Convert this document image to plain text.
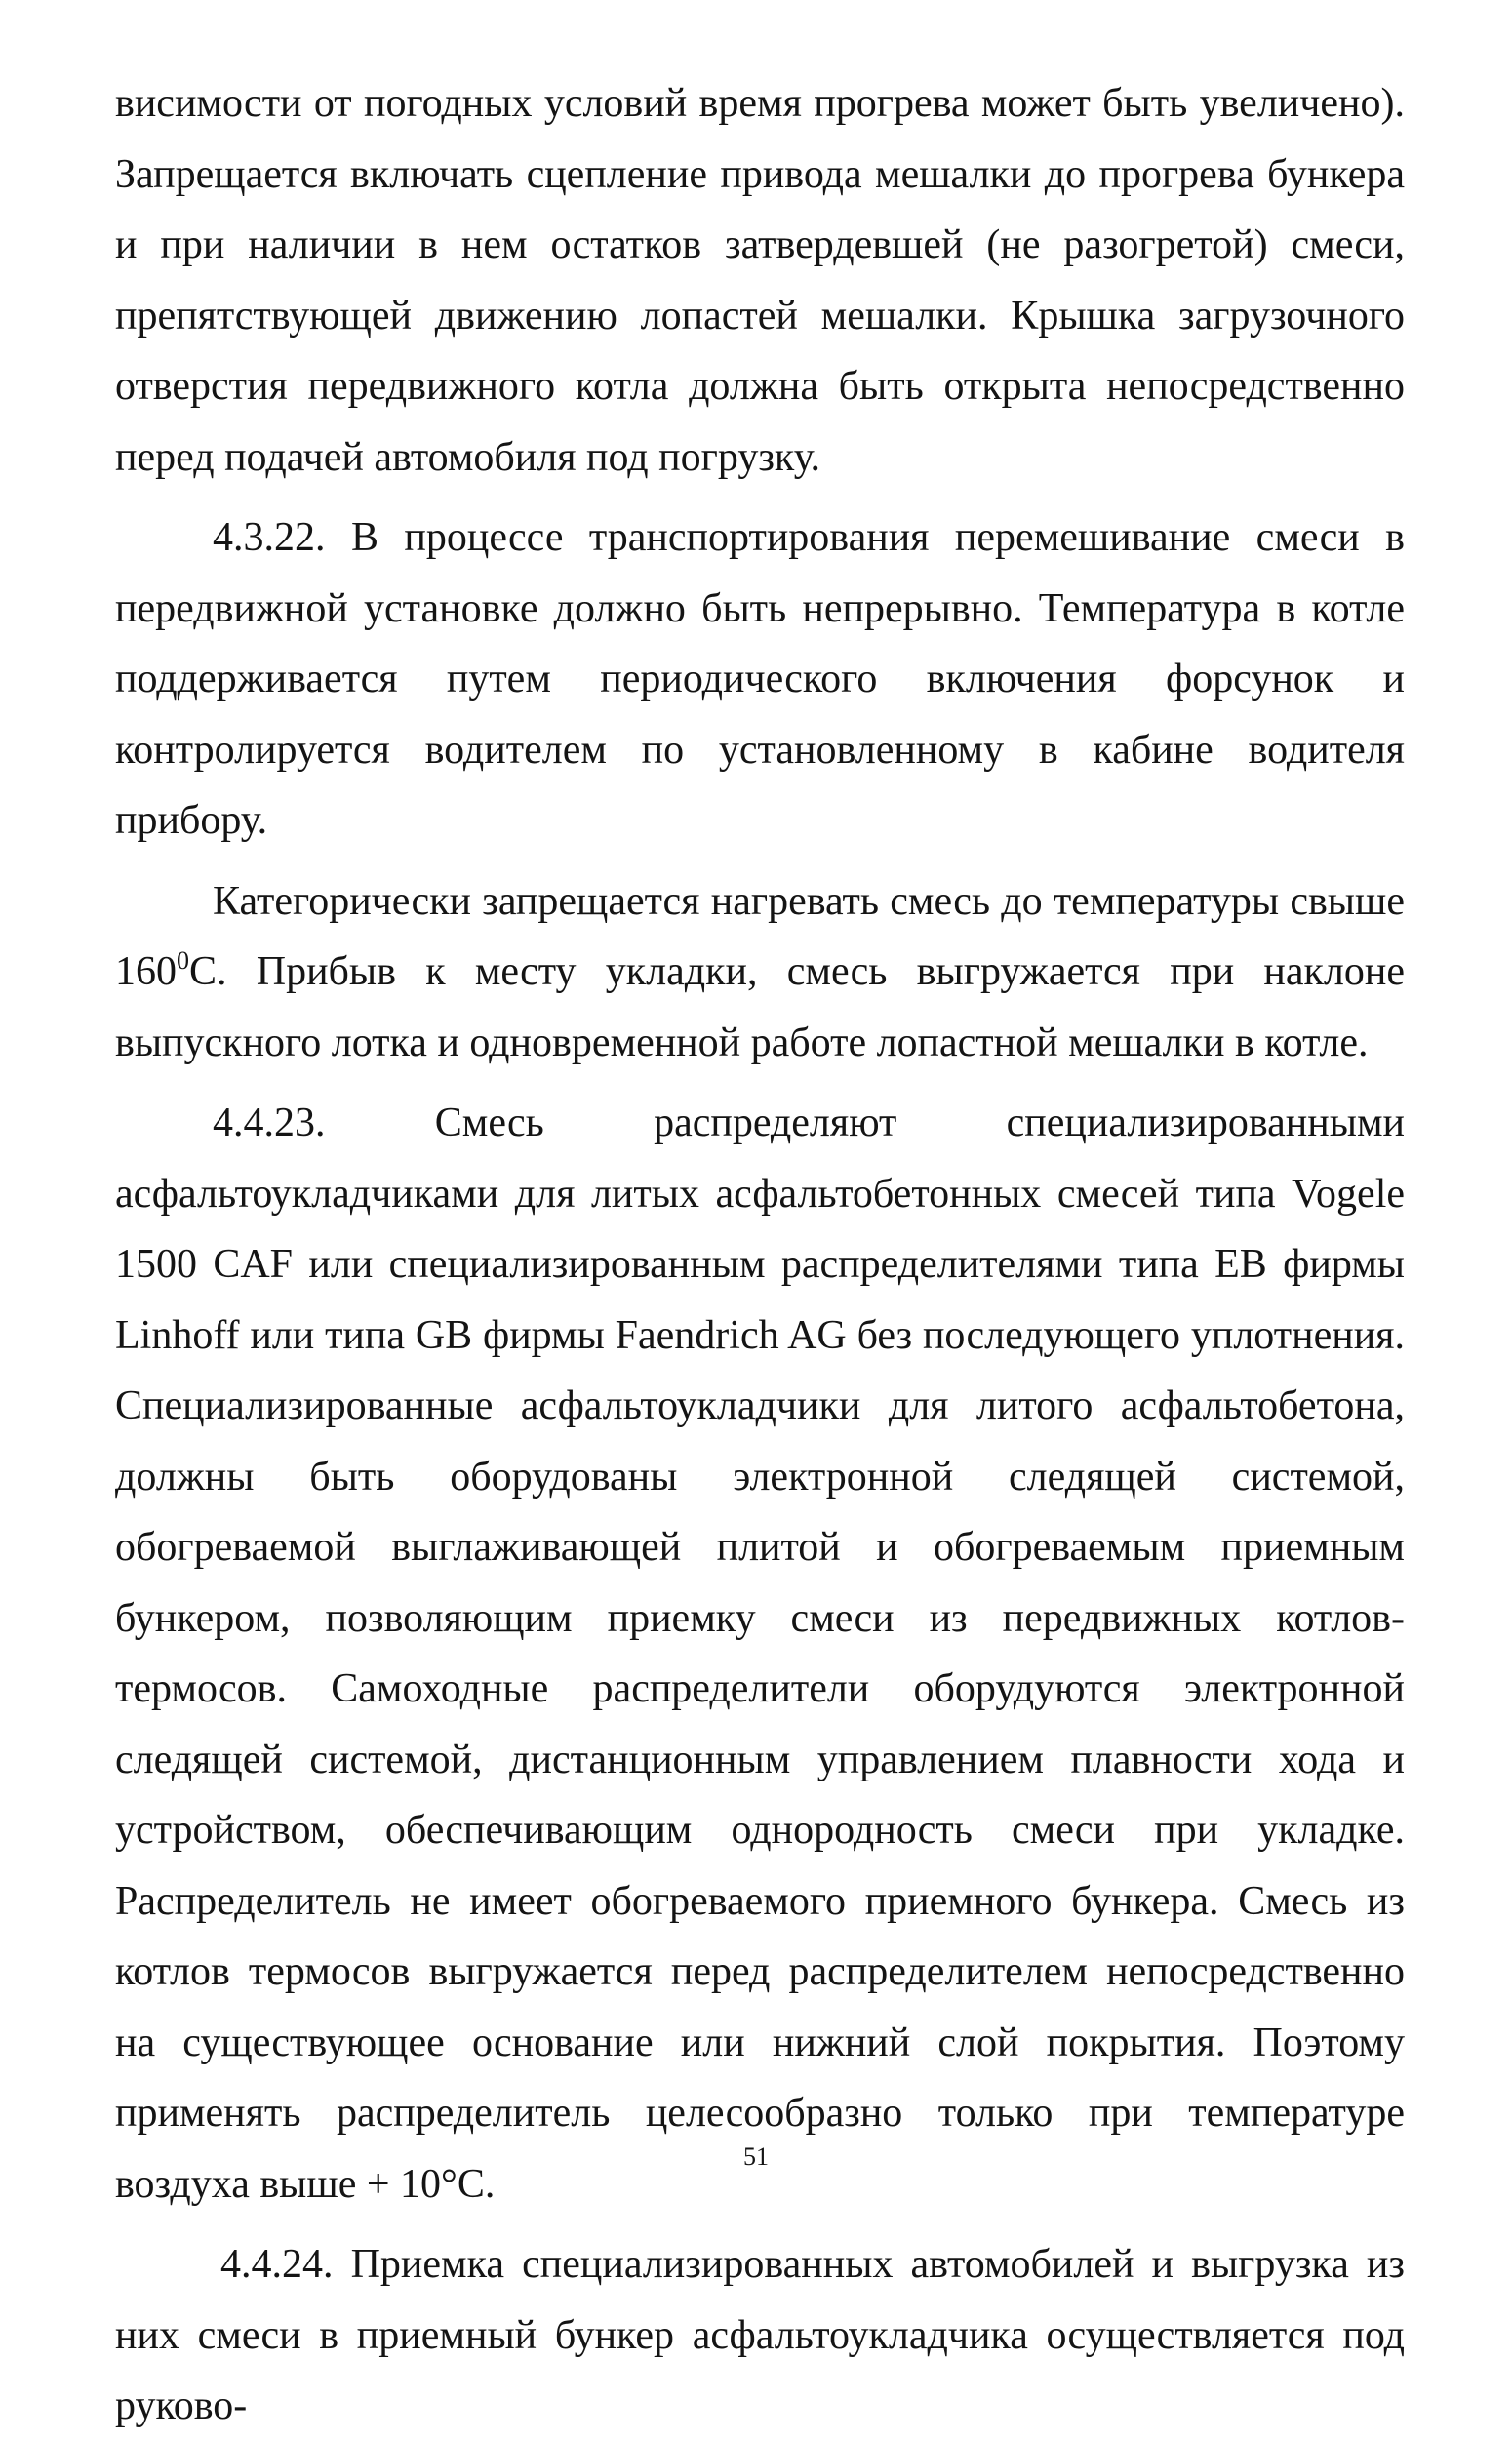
висимости от погодных условий время прогрева может быть увеличено). Запрещается включать сцепление привода мешалки до прогрева бункера и при наличии в нем остатков затвердевшей (не разогретой) смеси, препятствующей движению лопастей мешалки. Крышка загрузочного отверстия передвижного котла должна быть открыта непосредственно перед подачей автомобиля под погрузку.

4.3.22. В процессе транспортирования перемешивание смеси в передвижной установке должно быть непрерывно. Температура в котле поддерживается путем периодического включения форсунок и контролируется водителем по установленному в кабине водителя прибору.

Категорически запрещается нагревать смесь до температуры свыше $160^0С$. Прибыв к месту укладки, смесь выгружается при наклоне выпускного лотка и одновременной работе лопастной мешалки в котле.

4.4.23. Смесь распределяют специализированными асфальтоукладчиками для литых асфальтобетонных смесей типа Vogele 1500 CAF или специализированным распределителями типа ЕВ фирмы Linhoff или типа GB фирмы Faendrich AG без последующего уплотнения. Специализированные асфальтоукладчики для литого асфальтобетона, должны быть оборудованы электронной следящей системой, обогреваемой выглаживающей плитой и обогреваемым приемным бункером, позволяющим приемку смеси из передвижных котлов-термосов. Самоходные распределители оборудуются электронной следящей системой, дистанционным управлением плавности хода и устройством, обеспечивающим однородность смеси при укладке. Распределитель не имеет обогреваемого приемного бункера. Смесь из котлов термосов выгружается перед распределителем непосредственно на существующее основание или нижний слой покрытия. Поэтому применять распределитель целесообразно только при температуре воздуха выше + 10°С.

4.4.24. Приемка специализированных автомобилей и выгрузка из них смеси в приемный бункер асфальтоукладчика осуществляется под руково-

51
